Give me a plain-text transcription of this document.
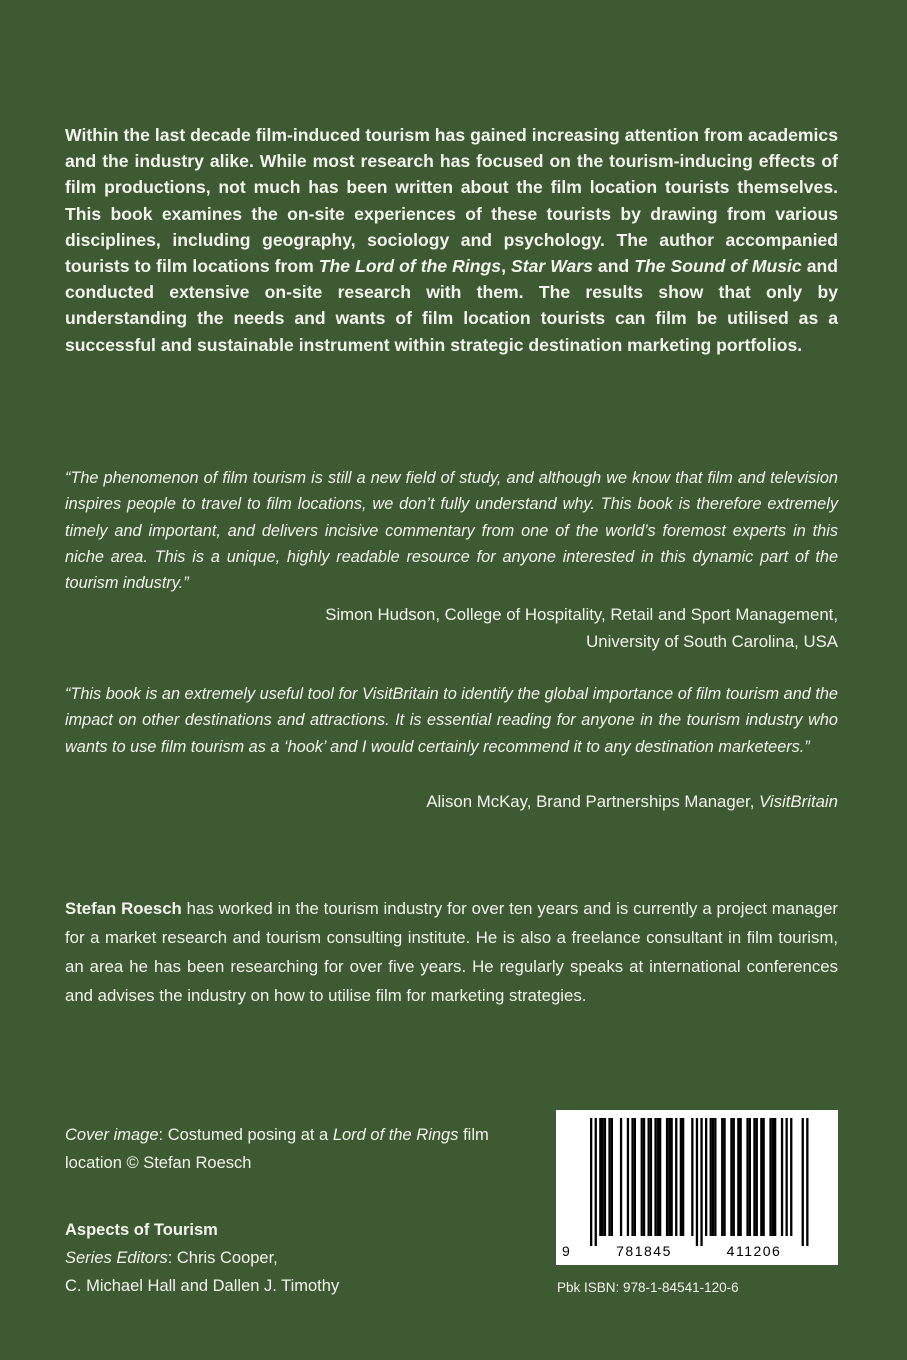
Within the last decade film-induced tourism has gained increasing attention from academics and the industry alike. While most research has focused on the tourism-inducing effects of film productions, not much has been written about the film location tourists themselves. This book examines the on-site experiences of these tourists by drawing from various disciplines, including geography, sociology and psychology. The author accompanied tourists to film locations from The Lord of the Rings, Star Wars and The Sound of Music and conducted extensive on-site research with them. The results show that only by understanding the needs and wants of film location tourists can film be utilised as a successful and sustainable instrument within strategic destination marketing portfolios.

“The phenomenon of film tourism is still a new field of study, and although we know that film and television inspires people to travel to film locations, we don’t fully understand why. This book is therefore extremely timely and important, and delivers incisive commentary from one of the world’s foremost experts in this niche area. This is a unique, highly readable resource for anyone interested in this dynamic part of the tourism industry.”

Simon Hudson, College of Hospitality, Retail and Sport Management,
University of South Carolina, USA

“This book is an extremely useful tool for VisitBritain to identify the global importance of film tourism and the impact on other destinations and attractions. It is essential reading for anyone in the tourism industry who wants to use film tourism as a ‘hook’ and I would certainly recommend it to any destination marketeers.”

Alison McKay, Brand Partnerships Manager, VisitBritain

Stefan Roesch has worked in the tourism industry for over ten years and is currently a project manager for a market research and tourism consulting institute. He is also a freelance consultant in film tourism, an area he has been researching for over five years. He regularly speaks at international conferences and advises the industry on how to utilise film for marketing strategies.

Cover image: Costumed posing at a Lord of the Rings film location © Stefan Roesch
Aspects of Tourism
Series Editors: Chris Cooper,
C. Michael Hall and Dallen J. Timothy
9	781845	411206
Pbk ISBN: 978-1-84541-120-6
